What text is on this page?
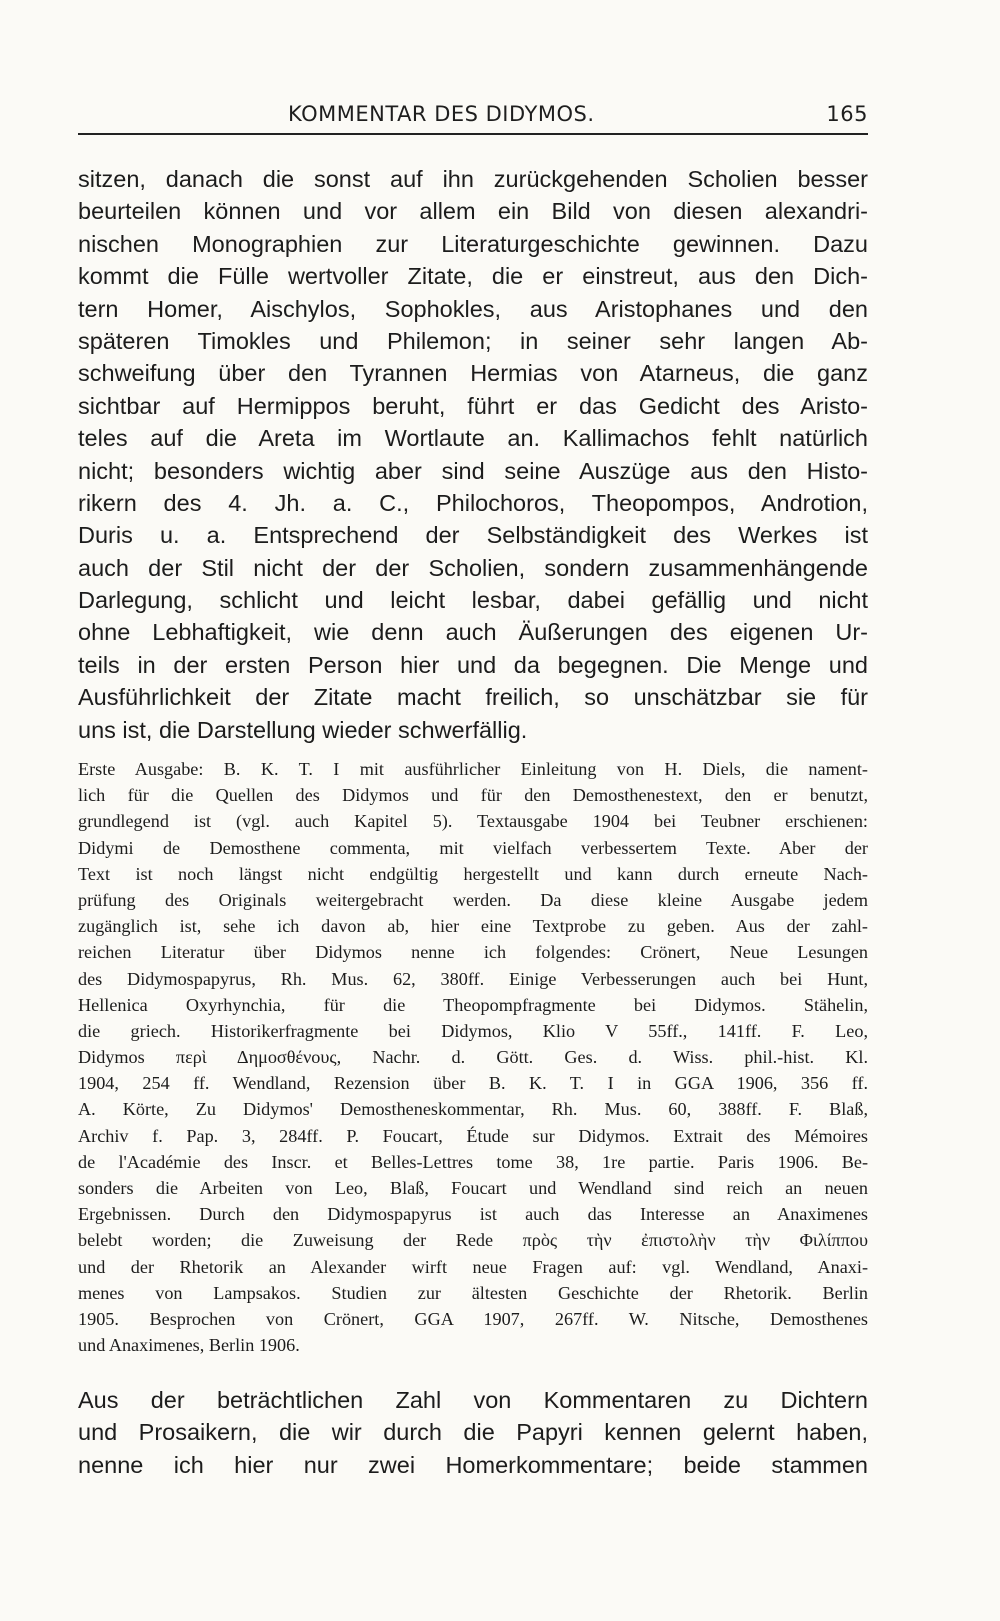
KOMMENTAR DES DIDYMOS.	165
sitzen, danach die sonst auf ihn zurückgehenden Scholien besser
beurteilen können und vor allem ein Bild von diesen alexandri-
nischen Monographien zur Literaturgeschichte gewinnen. Dazu
kommt die Fülle wertvoller Zitate, die er einstreut, aus den Dich-
tern Homer, Aischylos, Sophokles, aus Aristophanes und den
späteren Timokles und Philemon; in seiner sehr langen Ab-
schweifung über den Tyrannen Hermias von Atarneus, die ganz
sichtbar auf Hermippos beruht, führt er das Gedicht des Aristo-
teles auf die Areta im Wortlaute an. Kallimachos fehlt natürlich
nicht; besonders wichtig aber sind seine Auszüge aus den Histo-
rikern des 4. Jh. a. C., Philochoros, Theopompos, Androtion,
Duris u. a. Entsprechend der Selbständigkeit des Werkes ist
auch der Stil nicht der der Scholien, sondern zusammenhängende
Darlegung, schlicht und leicht lesbar, dabei gefällig und nicht
ohne Lebhaftigkeit, wie denn auch Äußerungen des eigenen Ur-
teils in der ersten Person hier und da begegnen. Die Menge und
Ausführlichkeit der Zitate macht freilich, so unschätzbar sie für
uns ist, die Darstellung wieder schwerfällig.
Erste Ausgabe: B. K. T. I mit ausführlicher Einleitung von H. Diels, die nament-
lich für die Quellen des Didymos und für den Demosthenestext, den er benutzt,
grundlegend ist (vgl. auch Kapitel 5). Textausgabe 1904 bei Teubner erschienen:
Didymi de Demosthene commenta, mit vielfach verbessertem Texte. Aber der
Text ist noch längst nicht endgültig hergestellt und kann durch erneute Nach-
prüfung des Originals weitergebracht werden. Da diese kleine Ausgabe jedem
zugänglich ist, sehe ich davon ab, hier eine Textprobe zu geben. Aus der zahl-
reichen Literatur über Didymos nenne ich folgendes: Crönert, Neue Lesungen
des Didymospapyrus, Rh. Mus. 62, 380ff. Einige Verbesserungen auch bei Hunt,
Hellenica Oxyrhynchia, für die Theopompfragmente bei Didymos. Stähelin,
die griech. Historikerfragmente bei Didymos, Klio V 55ff., 141ff. F. Leo,
Didymos περὶ Δημοσθένους, Nachr. d. Gött. Ges. d. Wiss. phil.-hist. Kl.
1904, 254 ff. Wendland, Rezension über B. K. T. I in GGA 1906, 356 ff.
A. Körte, Zu Didymos' Demostheneskommentar, Rh. Mus. 60, 388ff. F. Blaß,
Archiv f. Pap. 3, 284ff. P. Foucart, Étude sur Didymos. Extrait des Mémoires
de l'Académie des Inscr. et Belles-Lettres tome 38, 1re partie. Paris 1906. Be-
sonders die Arbeiten von Leo, Blaß, Foucart und Wendland sind reich an neuen
Ergebnissen. Durch den Didymospapyrus ist auch das Interesse an Anaximenes
belebt worden; die Zuweisung der Rede πρὸς τὴν ἐπιστολὴν τὴν Φιλίππου
und der Rhetorik an Alexander wirft neue Fragen auf: vgl. Wendland, Anaxi-
menes von Lampsakos. Studien zur ältesten Geschichte der Rhetorik. Berlin
1905. Besprochen von Crönert, GGA 1907, 267ff. W. Nitsche, Demosthenes
und Anaximenes, Berlin 1906.
Aus der beträchtlichen Zahl von Kommentaren zu Dichtern
und Prosaikern, die wir durch die Papyri kennen gelernt haben,
nenne ich hier nur zwei Homerkommentare; beide stammen
